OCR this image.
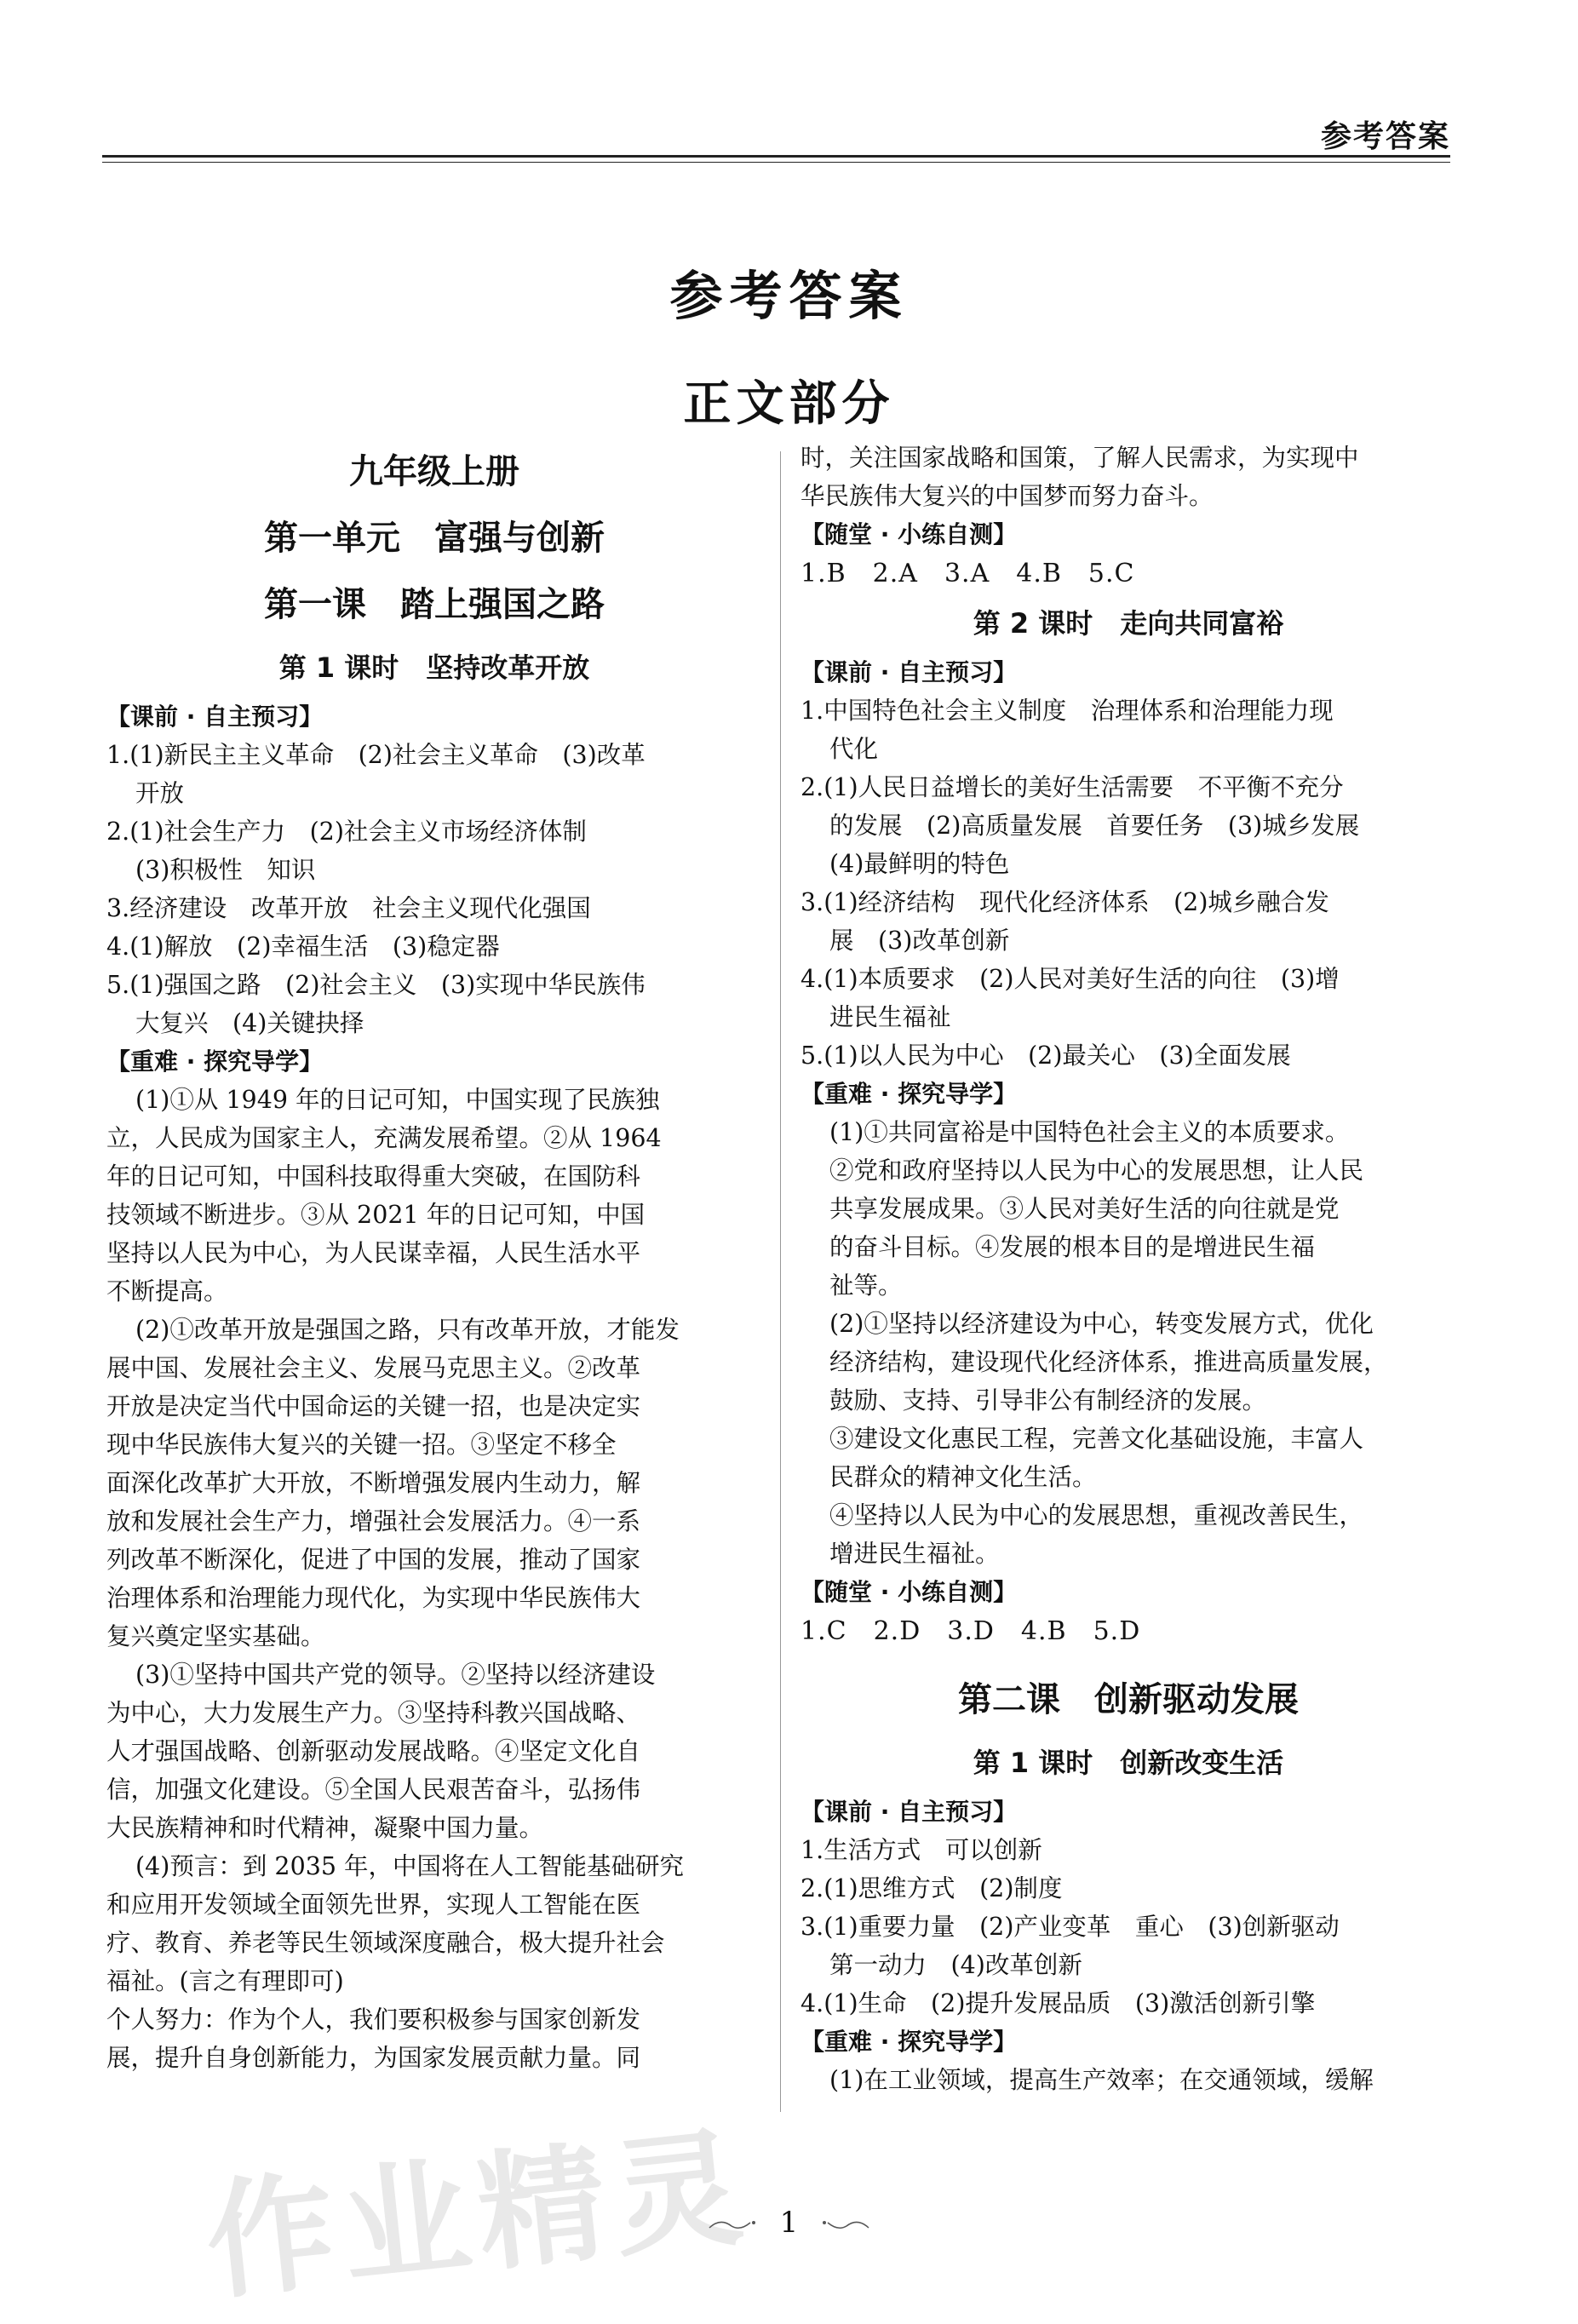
参考答案
参考答案
正文部分
九年级上册
第一单元　富强与创新
第一课　踏上强国之路
第 1 课时　坚持改革开放
【课前 · 自主预习】
1.(1)新民主主义革命　(2)社会主义革命　(3)改革
开放
2.(1)社会生产力　(2)社会主义市场经济体制
(3)积极性　知识
3.经济建设　改革开放　社会主义现代化强国
4.(1)解放　(2)幸福生活　(3)稳定器
5.(1)强国之路　(2)社会主义　(3)实现中华民族伟
大复兴　(4)关键抉择
【重难 · 探究导学】
(1)①从 1949 年的日记可知，中国实现了民族独
立，人民成为国家主人，充满发展希望。②从 1964
年的日记可知，中国科技取得重大突破，在国防科
技领域不断进步。③从 2021 年的日记可知，中国
坚持以人民为中心，为人民谋幸福，人民生活水平
不断提高。
(2)①改革开放是强国之路，只有改革开放，才能发
展中国、发展社会主义、发展马克思主义。②改革
开放是决定当代中国命运的关键一招，也是决定实
现中华民族伟大复兴的关键一招。③坚定不移全
面深化改革扩大开放，不断增强发展内生动力，解
放和发展社会生产力，增强社会发展活力。④一系
列改革不断深化，促进了中国的发展，推动了国家
治理体系和治理能力现代化，为实现中华民族伟大
复兴奠定坚实基础。
(3)①坚持中国共产党的领导。②坚持以经济建设
为中心，大力发展生产力。③坚持科教兴国战略、
人才强国战略、创新驱动发展战略。④坚定文化自
信，加强文化建设。⑤全国人民艰苦奋斗，弘扬伟
大民族精神和时代精神，凝聚中国力量。
(4)预言：到 2035 年，中国将在人工智能基础研究
和应用开发领域全面领先世界，实现人工智能在医
疗、教育、养老等民生领域深度融合，极大提升社会
福祉。(言之有理即可)
个人努力：作为个人，我们要积极参与国家创新发
展，提升自身创新能力，为国家发展贡献力量。同
时，关注国家战略和国策，了解人民需求，为实现中
华民族伟大复兴的中国梦而努力奋斗。
【随堂 · 小练自测】
1.B　2.A　3.A　4.B　5.C
第 2 课时　走向共同富裕
【课前 · 自主预习】
1.中国特色社会主义制度　治理体系和治理能力现
代化
2.(1)人民日益增长的美好生活需要　不平衡不充分
的发展　(2)高质量发展　首要任务　(3)城乡发展
(4)最鲜明的特色
3.(1)经济结构　现代化经济体系　(2)城乡融合发
展　(3)改革创新
4.(1)本质要求　(2)人民对美好生活的向往　(3)增
进民生福祉
5.(1)以人民为中心　(2)最关心　(3)全面发展
【重难 · 探究导学】
(1)①共同富裕是中国特色社会主义的本质要求。
②党和政府坚持以人民为中心的发展思想，让人民
共享发展成果。③人民对美好生活的向往就是党
的奋斗目标。④发展的根本目的是增进民生福
祉等。
(2)①坚持以经济建设为中心，转变发展方式，优化
经济结构，建设现代化经济体系，推进高质量发展，
鼓励、支持、引导非公有制经济的发展。
③建设文化惠民工程，完善文化基础设施，丰富人
民群众的精神文化生活。
④坚持以人民为中心的发展思想，重视改善民生，
增进民生福祉。
【随堂 · 小练自测】
1.C　2.D　3.D　4.B　5.D
第二课　创新驱动发展
第 1 课时　创新改变生活
【课前 · 自主预习】
1.生活方式　可以创新
2.(1)思维方式　(2)制度
3.(1)重要力量　(2)产业变革　重心　(3)创新驱动
第一动力　(4)改革创新
4.(1)生命　(2)提升发展品质　(3)激活创新引擎
【重难 · 探究导学】
(1)在工业领域，提高生产效率；在交通领域，缓解
作业精灵 1
